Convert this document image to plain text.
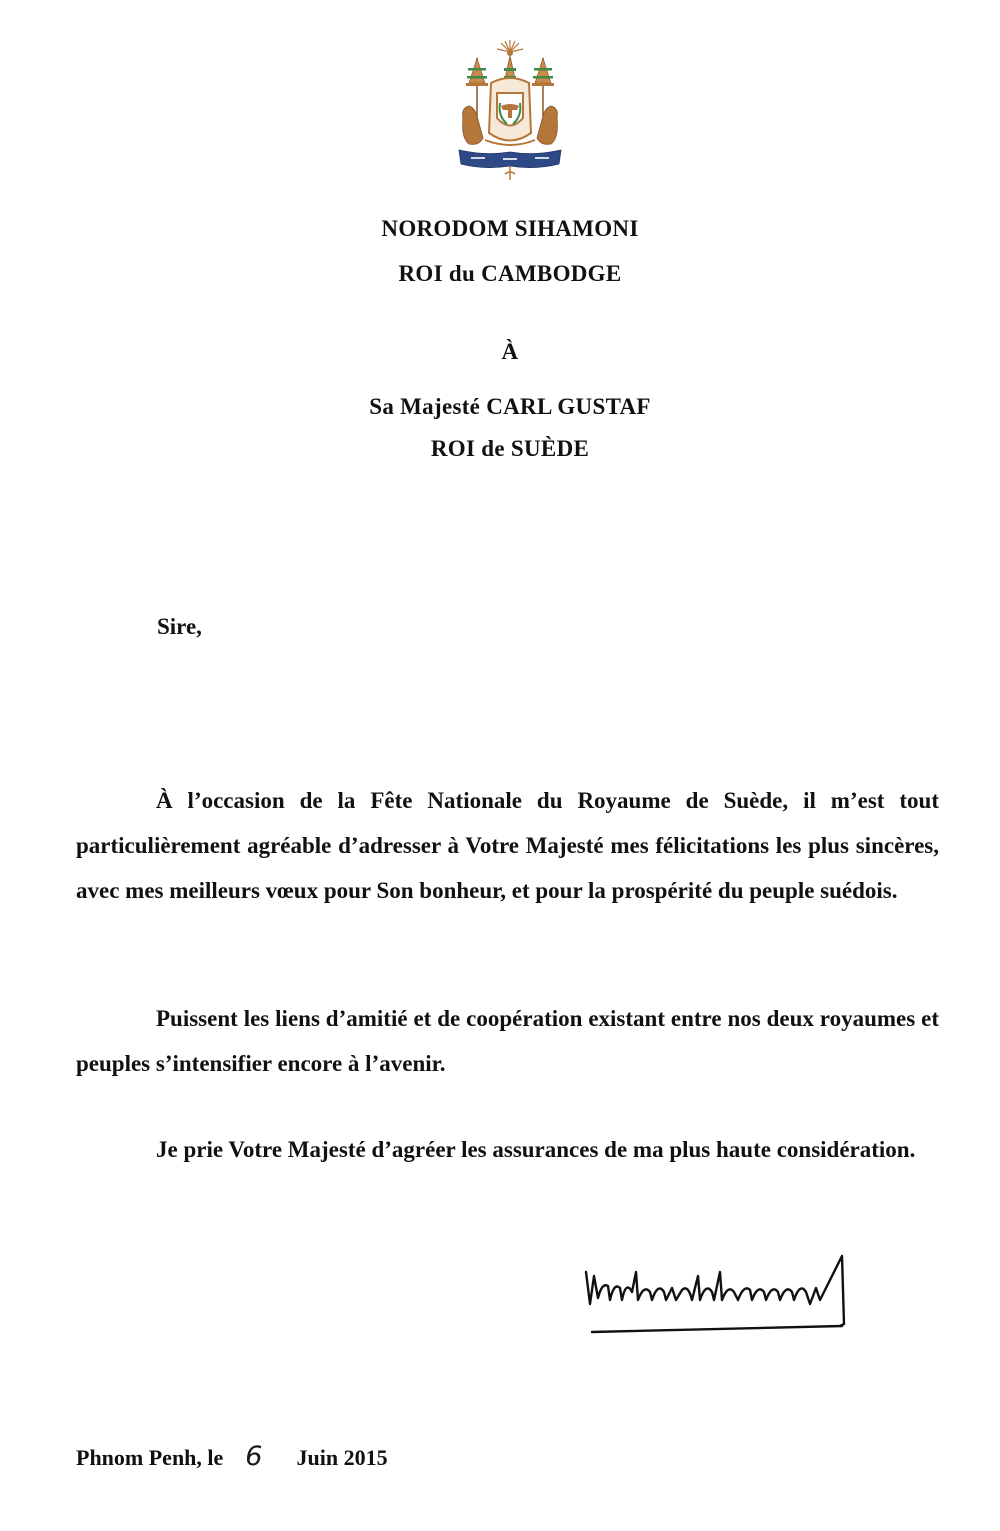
NORODOM SIHAMONI
ROI du CAMBODGE
À
Sa Majesté CARL GUSTAF
ROI de SUÈDE
Sire,
À l’occasion de la Fête Nationale du Royaume de Suède, il m’est tout particulièrement agréable d’adresser à Votre Majesté mes félicitations les plus sincères, avec mes meilleurs vœux pour Son bonheur, et pour la prospérité du peuple suédois.
Puissent les liens d’amitié et de coopération existant entre nos deux royaumes et peuples s’intensifier encore à l’avenir.
Je prie Votre Majesté d’agréer les assurances de ma plus haute considération.
Phnom Penh, le 6 Juin 2015
